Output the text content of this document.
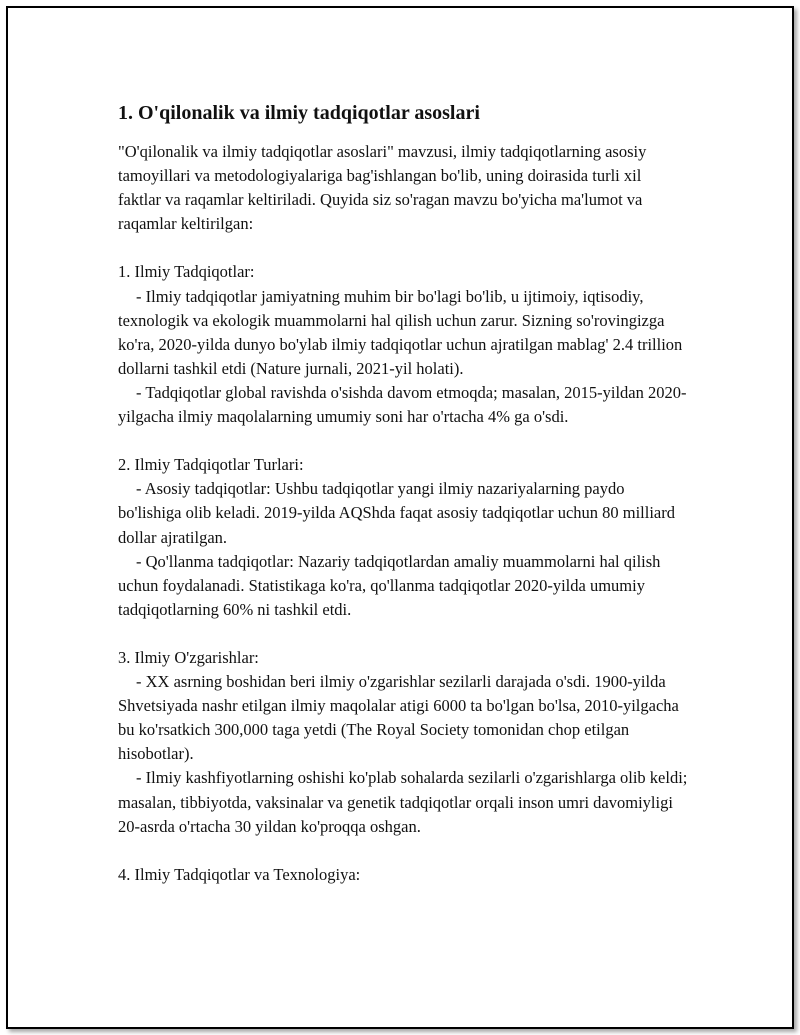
1. O'qilonalik va ilmiy tadqiqotlar asoslari

"O'qilonalik va ilmiy tadqiqotlar asoslari" mavzusi, ilmiy tadqiqotlarning asosiy tamoyillari va metodologiyalariga bag'ishlangan bo'lib, uning doirasida turli xil faktlar va raqamlar keltiriladi. Quyida siz so'ragan mavzu bo'yicha ma'lumot va raqamlar keltirilgan:

1. Ilmiy Tadqiqotlar:

- Ilmiy tadqiqotlar jamiyatning muhim bir bo'lagi bo'lib, u ijtimoiy, iqtisodiy, texnologik va ekologik muammolarni hal qilish uchun zarur. Sizning so'rovingizga ko'ra, 2020-yilda dunyo bo'ylab ilmiy tadqiqotlar uchun ajratilgan mablag' 2.4 trillion dollarni tashkil etdi (Nature jurnali, 2021-yil holati).

- Tadqiqotlar global ravishda o'sishda davom etmoqda; masalan, 2015-yildan 2020-yilgacha ilmiy maqolalarning umumiy soni har o'rtacha 4% ga o'sdi.

2. Ilmiy Tadqiqotlar Turlari:

- Asosiy tadqiqotlar: Ushbu tadqiqotlar yangi ilmiy nazariyalarning paydo bo'lishiga olib keladi. 2019-yilda AQShda faqat asosiy tadqiqotlar uchun 80 milliard dollar ajratilgan.

- Qo'llanma tadqiqotlar: Nazariy tadqiqotlardan amaliy muammolarni hal qilish uchun foydalanadi. Statistikaga ko'ra, qo'llanma tadqiqotlar 2020-yilda umumiy tadqiqotlarning 60% ni tashkil etdi.

3. Ilmiy O'zgarishlar:

- XX asrning boshidan beri ilmiy o'zgarishlar sezilarli darajada o'sdi. 1900-yilda Shvetsiyada nashr etilgan ilmiy maqolalar atigi 6000 ta bo'lgan bo'lsa, 2010-yilgacha bu ko'rsatkich 300,000 taga yetdi (The Royal Society tomonidan chop etilgan hisobotlar).

- Ilmiy kashfiyotlarning oshishi ko'plab sohalarda sezilarli o'zgarishlarga olib keldi; masalan, tibbiyotda, vaksinalar va genetik tadqiqotlar orqali inson umri davomiyligi 20-asrda o'rtacha 30 yildan ko'proqqa oshgan.

4. Ilmiy Tadqiqotlar va Texnologiya:
